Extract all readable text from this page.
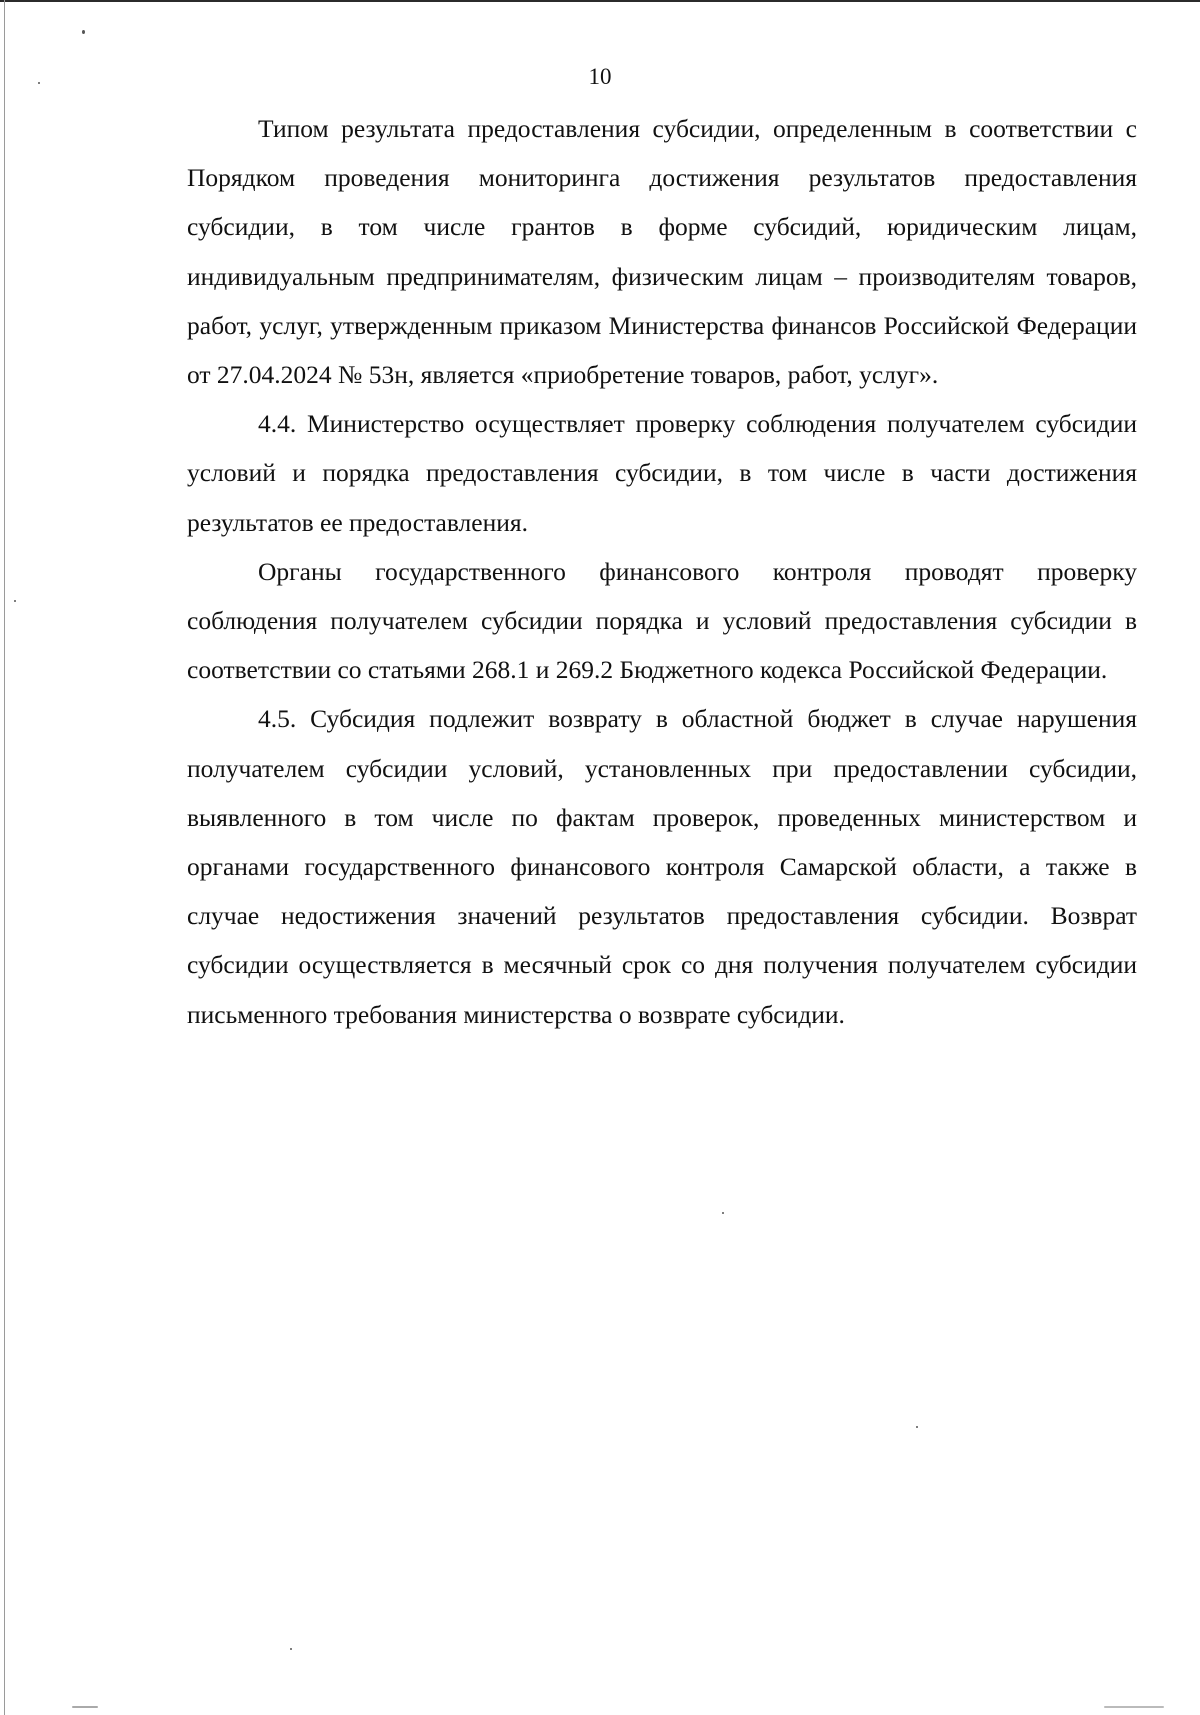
10

Типом результата предоставления субсидии, определенным в соответствии с Порядком проведения мониторинга достижения результатов предоставления субсидии, в том числе грантов в форме субсидий, юридическим лицам, индивидуальным предпринимателям, физическим лицам – производителям товаров, работ, услуг, утвержденным приказом Министерства финансов Российской Федерации от 27.04.2024 № 53н, является «приобретение товаров, работ, услуг».

4.4. Министерство осуществляет проверку соблюдения получателем субсидии условий и порядка предоставления субсидии, в том числе в части достижения результатов ее предоставления.

Органы государственного финансового контроля проводят проверку соблюдения получателем субсидии порядка и условий предоставления субсидии в соответствии со статьями 268.1 и 269.2 Бюджетного кодекса Российской Федерации.

4.5. Субсидия подлежит возврату в областной бюджет в случае нарушения получателем субсидии условий, установленных при предоставлении субсидии, выявленного в том числе по фактам проверок, проведенных министерством и органами государственного финансового контроля Самарской области, а также в случае недостижения значений результатов предоставления субсидии. Возврат субсидии осуществляется в месячный срок со дня получения получателем субсидии письменного требования министерства о возврате субсидии.
